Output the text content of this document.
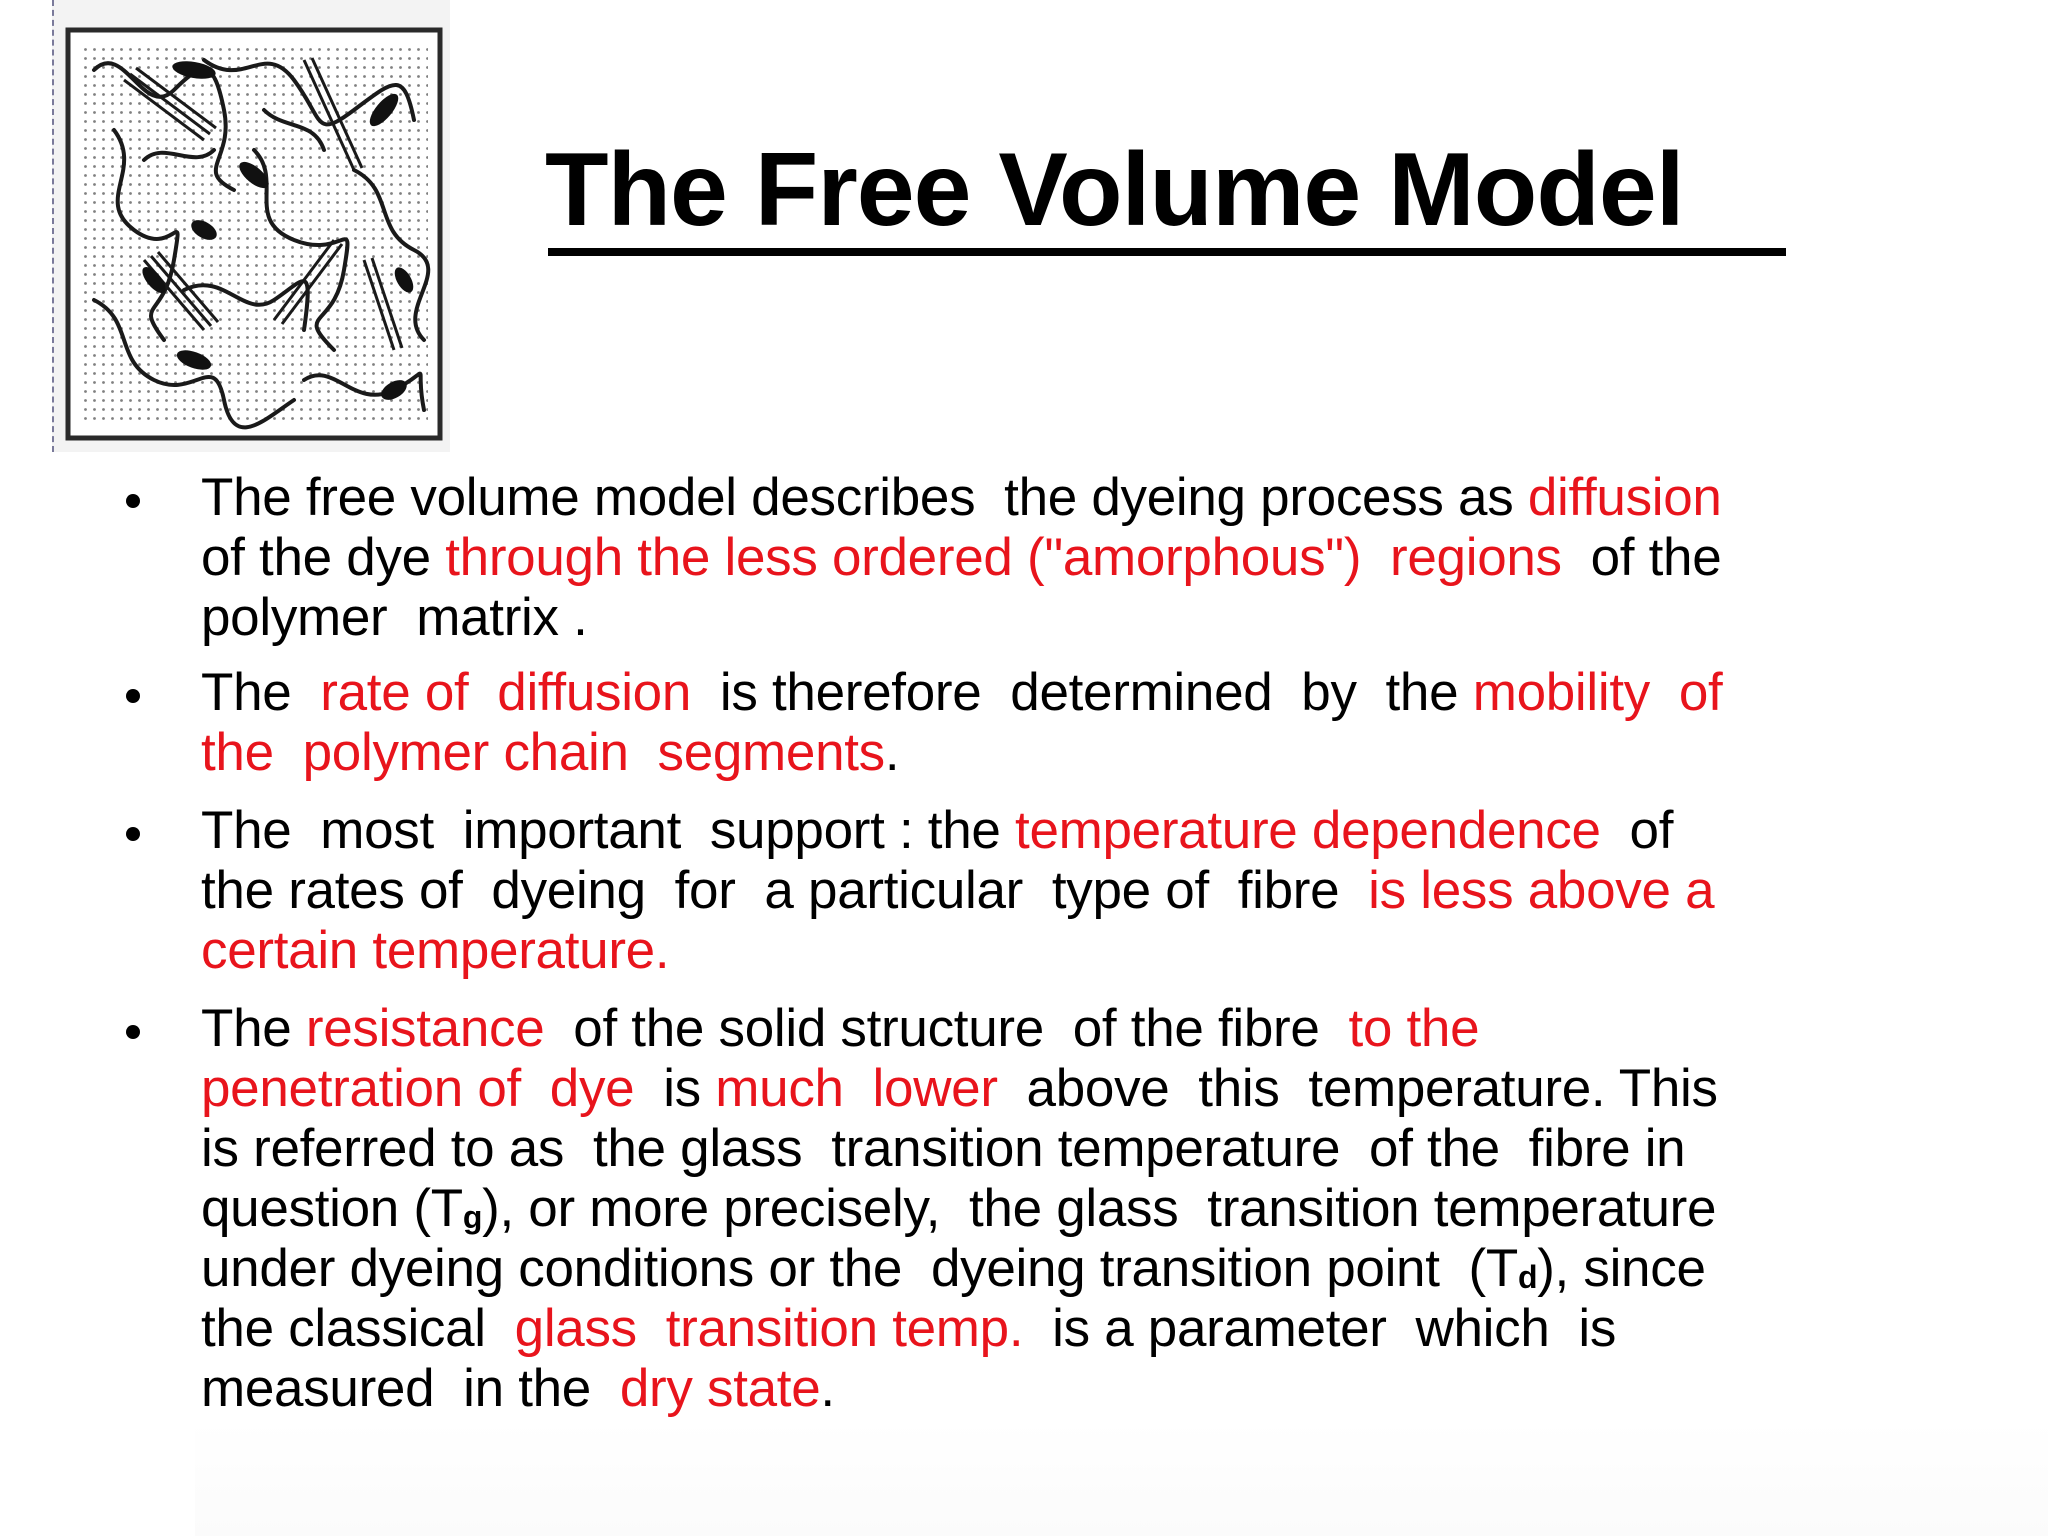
The Free Volume Model
The free volume model describes  the dyeing process as diffusion
of the dye through the less ordered ("amorphous")  regions  of the
polymer  matrix .
The  rate of  diffusion  is therefore  determined  by  the mobility  of
the  polymer chain  segments.
The  most  important  support : the temperature dependence  of
the rates of  dyeing  for  a particular  type of  fibre  is less above a
certain temperature.
The resistance  of the solid structure  of the fibre  to the
penetration of  dye  is much  lower  above  this  temperature. This
is referred to as  the glass  transition temperature  of the  fibre in
question $(T_g)$, or more precisely,  the glass  transition temperature
under dyeing conditions or the  dyeing transition point  $(T_d)$, since
the classical  glass  transition temp.  is a parameter  which  is
measured  in the  dry state.
